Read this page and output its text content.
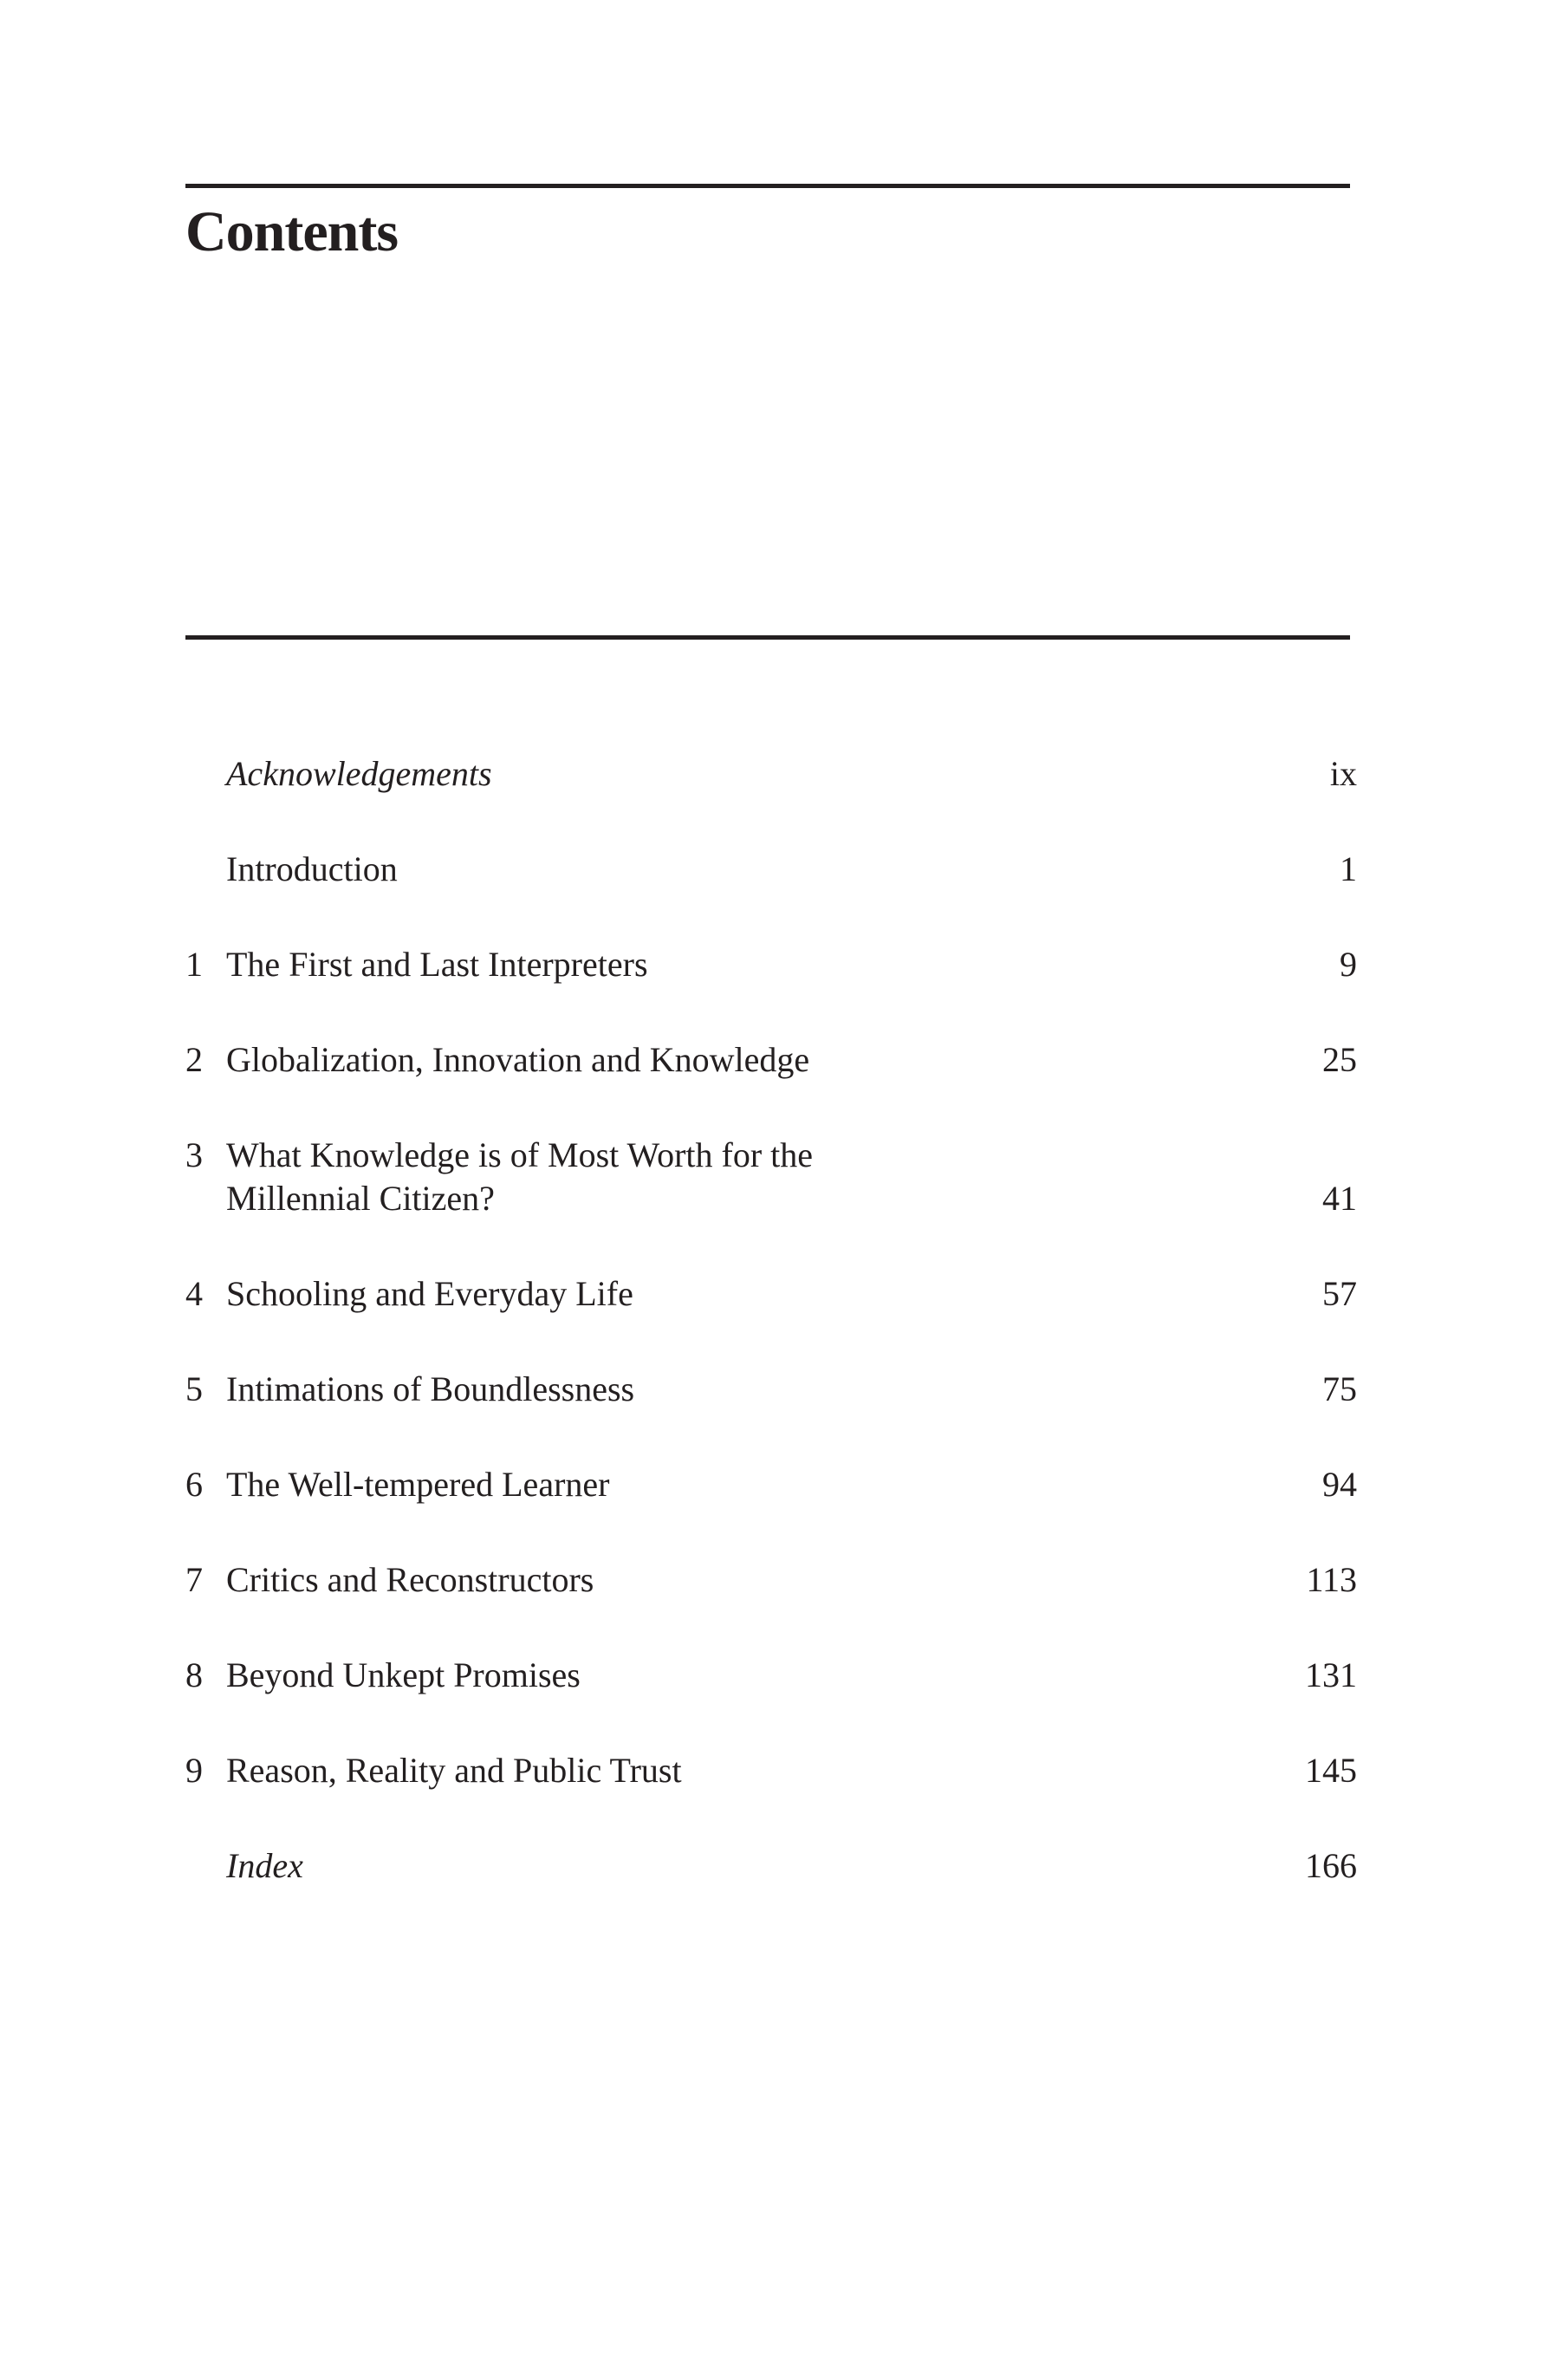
Contents
Acknowledgements	ix
Introduction	1
1 The First and Last Interpreters	9
2 Globalization, Innovation and Knowledge	25
3 What Knowledge is of Most Worth for the
Millennial Citizen?	41
4 Schooling and Everyday Life	57
5 Intimations of Boundlessness	75
6 The Well-tempered Learner	94
7 Critics and Reconstructors	113
8 Beyond Unkept Promises	131
9 Reason, Reality and Public Trust	145
Index	166
